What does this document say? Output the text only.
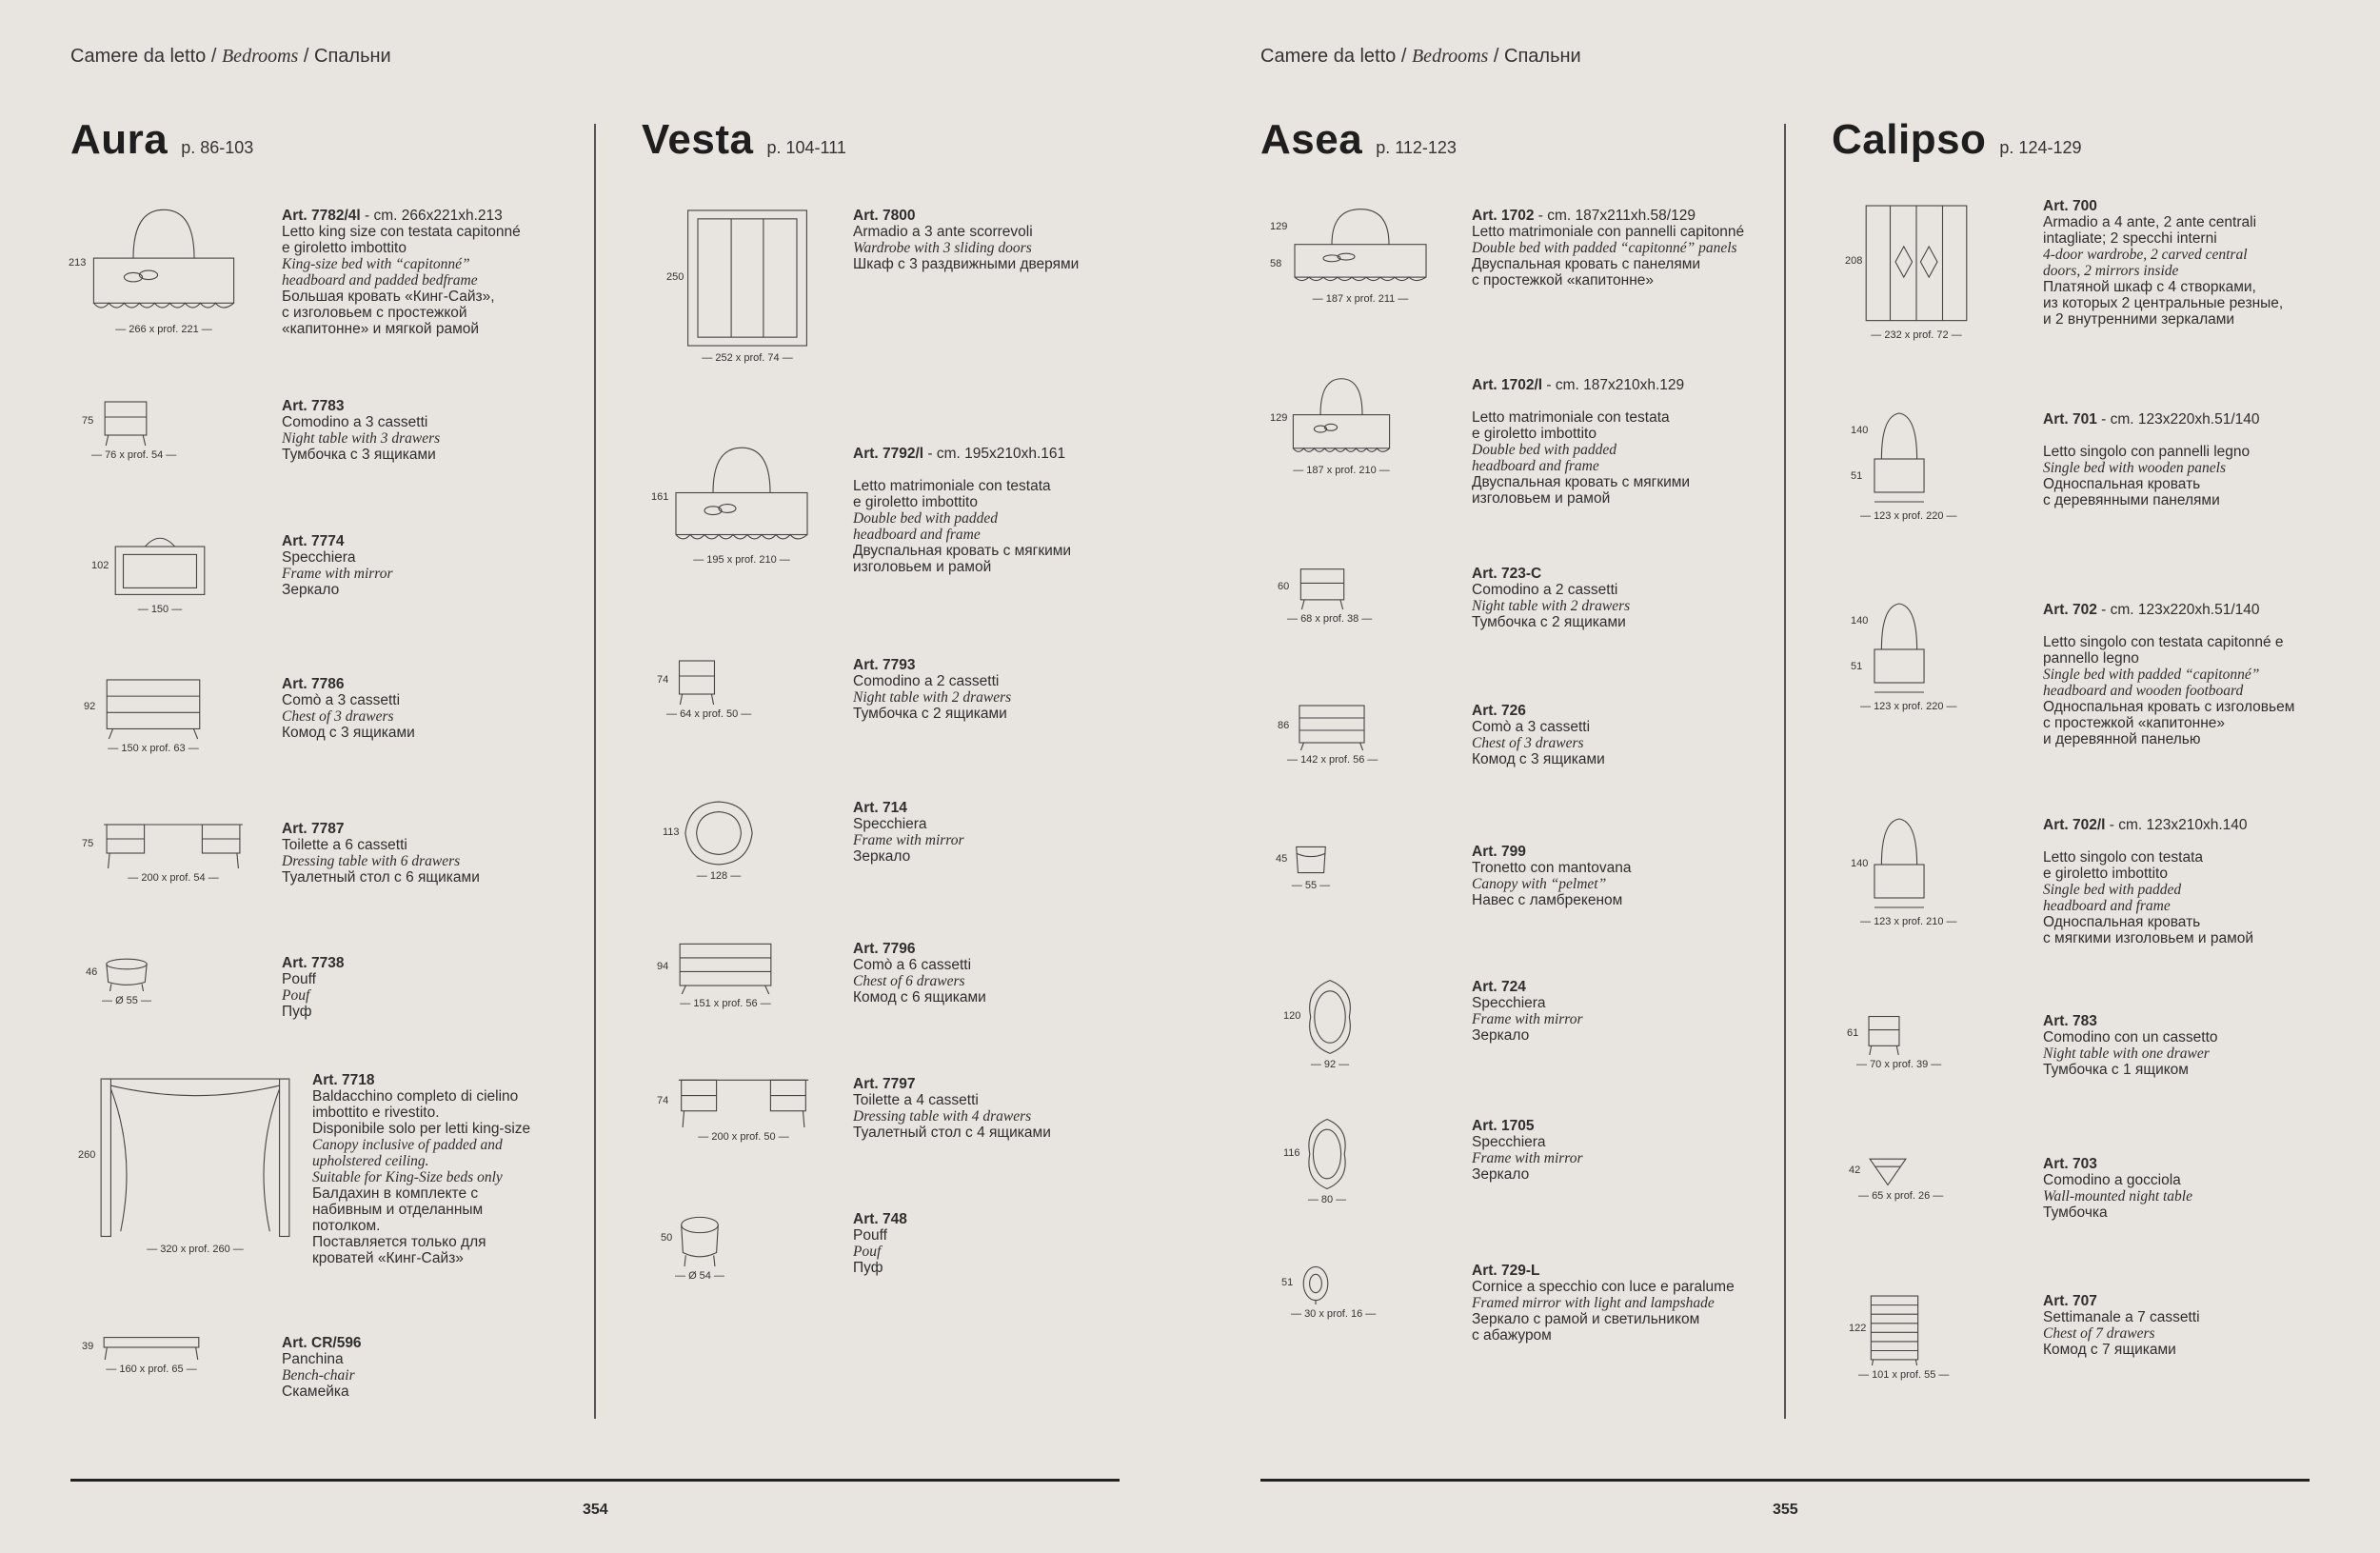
Camere da letto / Bedrooms / Спальни
354
Aura p. 86-103
213
— 266 x prof. 221 —
Art. 7782/4l - cm. 266x221xh.213
Letto king size con testata capitonné
e giroletto imbottito
King-size bed with “capitonné”
headboard and padded bedframe
Большая кровать «Кинг-Сайз»,
с изголовьем с простежкой
«капитонне» и мягкой рамой
75
— 76 x prof. 54 —
Art. 7783
Comodino a 3 cassetti
Night table with 3 drawers
Тумбочка с 3 ящиками
102
— 150 —
Art. 7774
Specchiera
Frame with mirror
Зеркало
92
— 150 x prof. 63 —
Art. 7786
Comò a 3 cassetti
Chest of 3 drawers
Комод с 3 ящиками
75
— 200 x prof. 54 —
Art. 7787
Toilette a 6 cassetti
Dressing table with 6 drawers
Туалетный стол с 6 ящиками
46
— Ø 55 —
Art. 7738
Pouff
Pouf
Пуф
260
— 320 x prof. 260 —
Art. 7718
Baldacchino completo di cielino
imbottito e rivestito.
Disponibile solo per letti king-size
Canopy inclusive of padded and
upholstered ceiling.
Suitable for King-Size beds only
Балдахин в комплекте с
набивным и отделанным
потолком.
Поставляется только для
кроватей «Кинг-Сайз»
39
— 160 x prof. 65 —
Art. CR/596
Panchina
Bench-chair
Скамейка
Vesta p. 104-111
250
— 252 x prof. 74 —
Art. 7800
Armadio a 3 ante scorrevoli
Wardrobe with 3 sliding doors
Шкаф с 3 раздвижными дверями
161
— 195 x prof. 210 —
Art. 7792/l - cm. 195x210xh.161
Letto matrimoniale con testata
e giroletto imbottito
Double bed with padded
headboard and frame
Двуспальная кровать с мягкими
изголовьем и рамой
74
— 64 x prof. 50 —
Art. 7793
Comodino a 2 cassetti
Night table with 2 drawers
Тумбочка с 2 ящиками
113
— 128 —
Art. 714
Specchiera
Frame with mirror
Зеркало
94
— 151 x prof. 56 —
Art. 7796
Comò a 6 cassetti
Chest of 6 drawers
Комод с 6 ящиками
74
— 200 x prof. 50 —
Art. 7797
Toilette a 4 cassetti
Dressing table with 4 drawers
Туалетный стол с 4 ящиками
50
— Ø 54 —
Art. 748
Pouff
Pouf
Пуф
Camere da letto / Bedrooms / Спальни
355
Asea p. 112-123
129
58
— 187 x prof. 211 —
Art. 1702 - cm. 187x211xh.58/129
Letto matrimoniale con pannelli capitonné
Double bed with padded “capitonné” panels
Двуспальная кровать с панелями
с простежкой «капитонне»
129
— 187 x prof. 210 —
Art. 1702/l - cm. 187x210xh.129
Letto matrimoniale con testata
e giroletto imbottito
Double bed with padded
headboard and frame
Двуспальная кровать с мягкими
изголовьем и рамой
60
— 68 x prof. 38 —
Art. 723-C
Comodino a 2 cassetti
Night table with 2 drawers
Тумбочка с 2 ящиками
86
— 142 x prof. 56 —
Art. 726
Comò a 3 cassetti
Chest of 3 drawers
Комод с 3 ящиками
45
— 55 —
Art. 799
Tronetto con mantovana
Canopy with “pelmet”
Навес с ламбрекеном
120
— 92 —
Art. 724
Specchiera
Frame with mirror
Зеркало
116
— 80 —
Art. 1705
Specchiera
Frame with mirror
Зеркало
51
— 30 x prof. 16 —
Art. 729-L
Cornice a specchio con luce e paralume
Framed mirror with light and lampshade
Зеркало с рамой и светильником
с абажуром
Calipso p. 124-129
208
— 232 x prof. 72 —
Art. 700
Armadio a 4 ante, 2 ante centrali
intagliate; 2 specchi interni
4-door wardrobe, 2 carved central
doors, 2 mirrors inside
Платяной шкаф с 4 створками,
из которых 2 центральные резные,
и 2 внутренними зеркалами
140
51
— 123 x prof. 220 —
Art. 701 - cm. 123x220xh.51/140
Letto singolo con pannelli legno
Single bed with wooden panels
Односпальная кровать
с деревянными панелями
140
51
— 123 x prof. 220 —
Art. 702 - cm. 123x220xh.51/140
Letto singolo con testata capitonné e
pannello legno
Single bed with padded “capitonné”
headboard and wooden footboard
Односпальная кровать с изголовьем
с простежкой «капитонне»
и деревянной панелью
140
— 123 x prof. 210 —
Art. 702/l - cm. 123x210xh.140
Letto singolo con testata
e giroletto imbottito
Single bed with padded
headboard and frame
Односпальная кровать
с мягкими изголовьем и рамой
61
— 70 x prof. 39 —
Art. 783
Comodino con un cassetto
Night table with one drawer
Тумбочка с 1 ящиком
42
— 65 x prof. 26 —
Art. 703
Comodino a gocciola
Wall-mounted night table
Тумбочка
122
— 101 x prof. 55 —
Art. 707
Settimanale a 7 cassetti
Chest of 7 drawers
Комод с 7 ящиками
